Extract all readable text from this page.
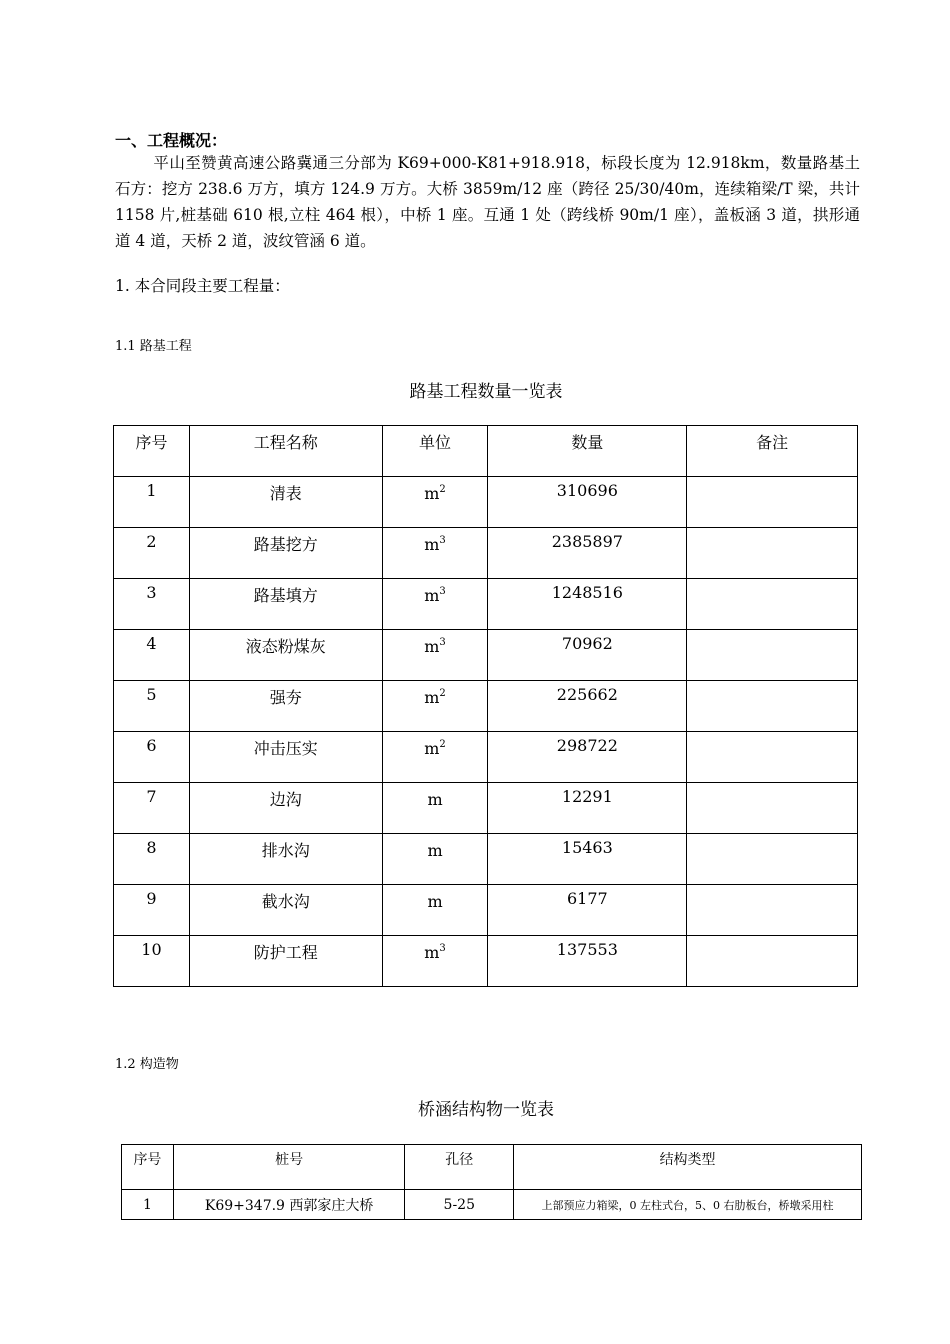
一、工程概况：

平山至赞黄高速公路冀通三分部为 K69+000-K81+918.918，标段长度为 12.918km，数量路基土石方：挖方 238.6 万方，填方 124.9 万方。大桥 3859m/12 座（跨径 25/30/40m，连续箱梁/T 梁，共计 1158 片,桩基础 610 根,立柱 464 根），中桥 1 座。互通 1 处（跨线桥 90m/1 座），盖板涵 3 道，拱形通道 4 道，天桥 2 道，波纹管涵 6 道。

1. 本合同段主要工程量：
1.1 路基工程
路基工程数量一览表
序号	工程名称	单位	数量	备注
1	清表	$m^2$	310696	
2	路基挖方	$m^3$	2385897	
3	路基填方	$m^3$	1248516	
4	液态粉煤灰	$m^3$	70962	
5	强夯	$m^2$	225662	
6	冲击压实	$m^2$	298722	
7	边沟	m	12291	
8	排水沟	m	15463	
9	截水沟	m	6177	
10	防护工程	$m^3$	137553	
1.2 构造物
桥涵结构物一览表
序号	桩号	孔径	结构类型
1	K69+347.9 西郭家庄大桥	5-25	上部预应力箱梁，0 左柱式台，5、0 右肋板台，桥墩采用柱
